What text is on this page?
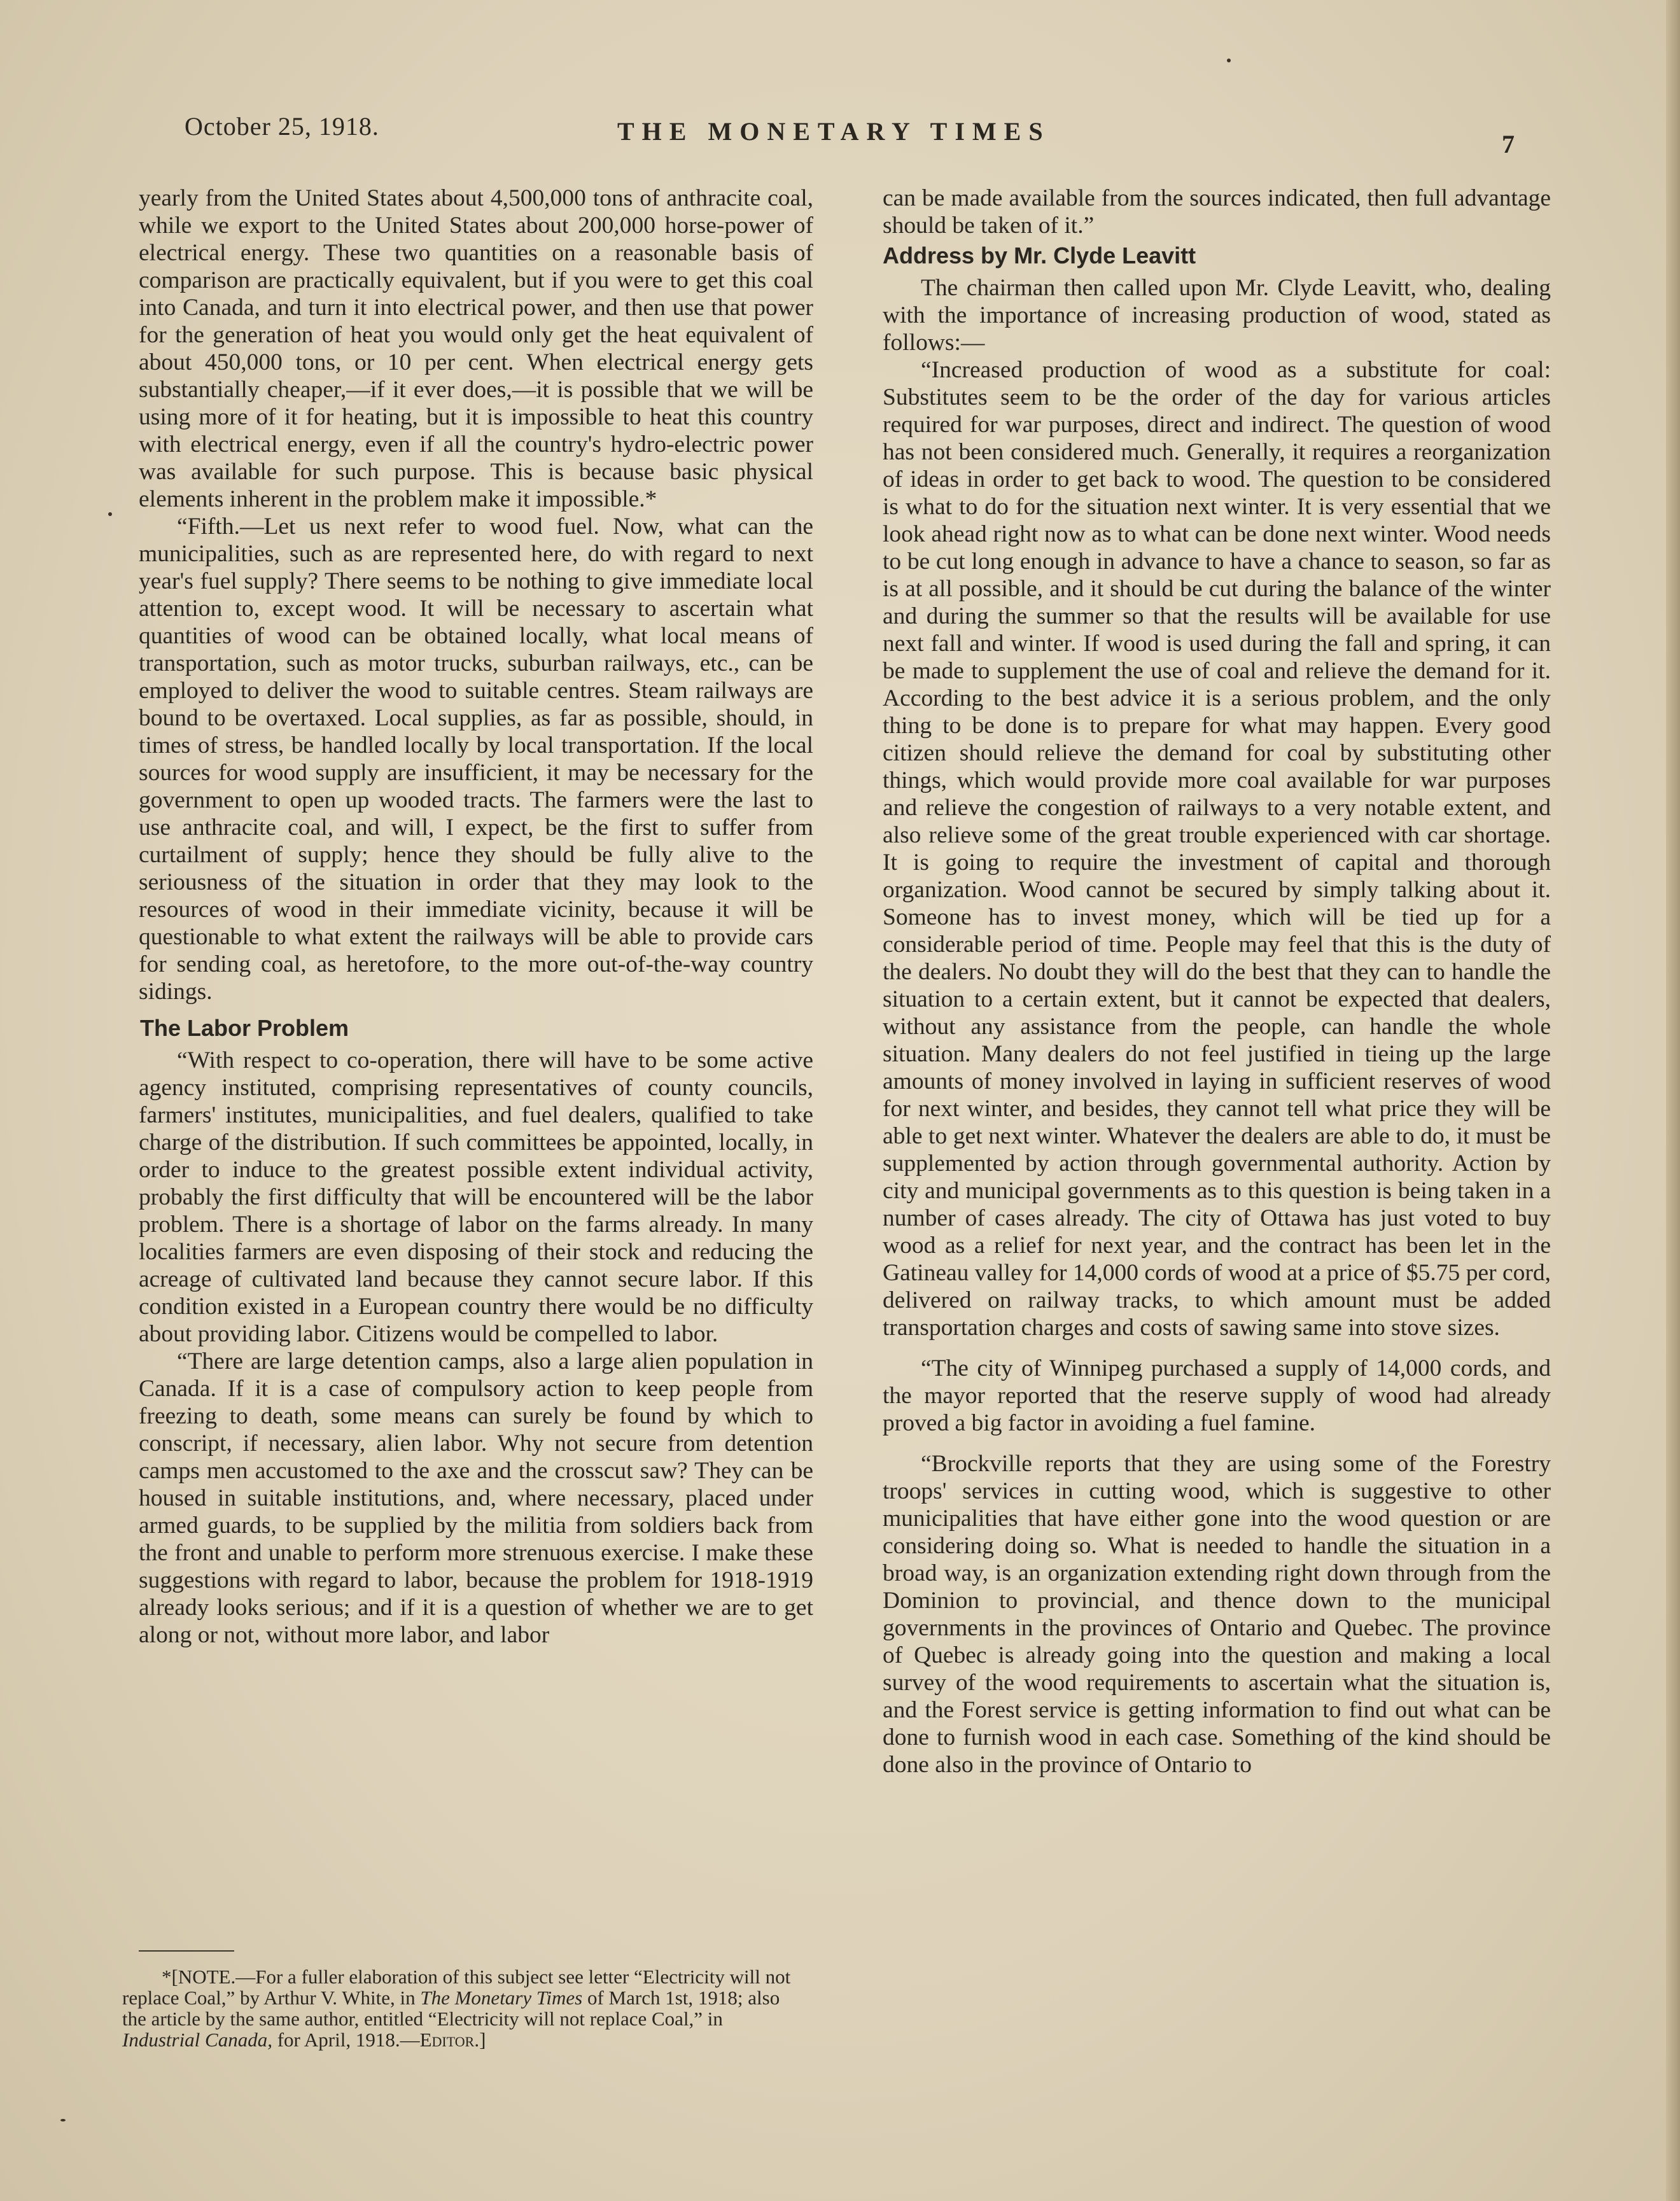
October 25, 1918.	THE MONETARY TIMES	7

yearly from the United States about 4,500,000 tons of anthracite coal, while we export to the United States about 200,000 horse-power of electrical energy. These two quantities on a reasonable basis of comparison are practically equivalent, but if you were to get this coal into Canada, and turn it into electrical power, and then use that power for the generation of heat you would only get the heat equivalent of about 450,000 tons, or 10 per cent. When electrical energy gets substantially cheaper,—if it ever does,—it is possible that we will be using more of it for heating, but it is impossible to heat this country with electrical energy, even if all the country's hydro-electric power was available for such purpose. This is because basic physical elements inherent in the problem make it impossible.*

“Fifth.—Let us next refer to wood fuel. Now, what can the municipalities, such as are represented here, do with regard to next year's fuel supply? There seems to be nothing to give immediate local attention to, except wood. It will be necessary to ascertain what quantities of wood can be obtained locally, what local means of transportation, such as motor trucks, suburban railways, etc., can be employed to deliver the wood to suitable centres. Steam railways are bound to be overtaxed. Local supplies, as far as possible, should, in times of stress, be handled locally by local transportation. If the local sources for wood supply are insufficient, it may be necessary for the government to open up wooded tracts. The farmers were the last to use anthracite coal, and will, I expect, be the first to suffer from curtailment of supply; hence they should be fully alive to the seriousness of the situation in order that they may look to the resources of wood in their immediate vicinity, because it will be questionable to what extent the railways will be able to provide cars for sending coal, as heretofore, to the more out-of-the-way country sidings.

The Labor Problem

“With respect to co-operation, there will have to be some active agency instituted, comprising representatives of county councils, farmers' institutes, municipalities, and fuel dealers, qualified to take charge of the distribution. If such committees be appointed, locally, in order to induce to the greatest possible extent individual activity, probably the first difficulty that will be encountered will be the labor problem. There is a shortage of labor on the farms already. In many localities farmers are even disposing of their stock and reducing the acreage of cultivated land because they cannot secure labor. If this condition existed in a European country there would be no difficulty about providing labor. Citizens would be compelled to labor.

“There are large detention camps, also a large alien population in Canada. If it is a case of compulsory action to keep people from freezing to death, some means can surely be found by which to conscript, if necessary, alien labor. Why not secure from detention camps men accustomed to the axe and the crosscut saw? They can be housed in suitable institutions, and, where necessary, placed under armed guards, to be supplied by the militia from soldiers back from the front and unable to perform more strenuous exercise. I make these suggestions with regard to labor, because the problem for 1918-1919 already looks serious; and if it is a question of whether we are to get along or not, without more labor, and labor

*[NOTE.—For a fuller elaboration of this subject see letter “Electricity will not replace Coal,” by Arthur V. White, in The Monetary Times of March 1st, 1918; also the article by the same author, entitled “Electricity will not replace Coal,” in Industrial Canada, for April, 1918.—Editor.]

can be made available from the sources indicated, then full advantage should be taken of it.”

Address by Mr. Clyde Leavitt

The chairman then called upon Mr. Clyde Leavitt, who, dealing with the importance of increasing production of wood, stated as follows:—

“Increased production of wood as a substitute for coal: Substitutes seem to be the order of the day for various articles required for war purposes, direct and indirect. The question of wood has not been considered much. Generally, it requires a reorganization of ideas in order to get back to wood. The question to be considered is what to do for the situation next winter. It is very essential that we look ahead right now as to what can be done next winter. Wood needs to be cut long enough in advance to have a chance to season, so far as is at all possible, and it should be cut during the balance of the winter and during the summer so that the results will be available for use next fall and winter. If wood is used during the fall and spring, it can be made to supplement the use of coal and relieve the demand for it. According to the best advice it is a serious problem, and the only thing to be done is to prepare for what may happen. Every good citizen should relieve the demand for coal by substituting other things, which would provide more coal available for war purposes and relieve the congestion of railways to a very notable extent, and also relieve some of the great trouble experienced with car shortage. It is going to require the investment of capital and thorough organization. Wood cannot be secured by simply talking about it. Someone has to invest money, which will be tied up for a considerable period of time. People may feel that this is the duty of the dealers. No doubt they will do the best that they can to handle the situation to a certain extent, but it cannot be expected that dealers, without any assistance from the people, can handle the whole situation. Many dealers do not feel justified in tieing up the large amounts of money involved in laying in sufficient reserves of wood for next winter, and besides, they cannot tell what price they will be able to get next winter. Whatever the dealers are able to do, it must be supplemented by action through governmental authority. Action by city and municipal governments as to this question is being taken in a number of cases already. The city of Ottawa has just voted to buy wood as a relief for next year, and the contract has been let in the Gatineau valley for 14,000 cords of wood at a price of $5.75 per cord, delivered on railway tracks, to which amount must be added transportation charges and costs of sawing same into stove sizes.

“The city of Winnipeg purchased a supply of 14,000 cords, and the mayor reported that the reserve supply of wood had already proved a big factor in avoiding a fuel famine.

“Brockville reports that they are using some of the Forestry troops' services in cutting wood, which is suggestive to other municipalities that have either gone into the wood question or are considering doing so. What is needed to handle the situation in a broad way, is an organization extending right down through from the Dominion to provincial, and thence down to the municipal governments in the provinces of Ontario and Quebec. The province of Quebec is already going into the question and making a local survey of the wood requirements to ascertain what the situation is, and the Forest service is getting information to find out what can be done to furnish wood in each case. Something of the kind should be done also in the province of Ontario to
